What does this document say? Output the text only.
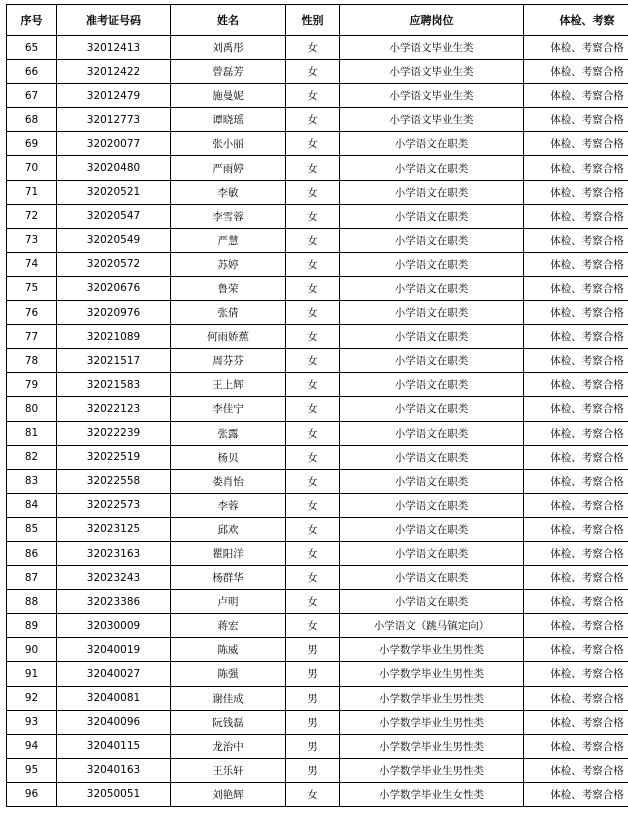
序号	准考证号码	姓名	性别	应聘岗位	体检、考察
65	32012413	刘禹彤	女	小学语文毕业生类	体检、考察合格
66	32012422	曾磊芳	女	小学语文毕业生类	体检、考察合格
67	32012479	施曼妮	女	小学语文毕业生类	体检、考察合格
68	32012773	谭晓瑶	女	小学语文毕业生类	体检、考察合格
69	32020077	张小丽	女	小学语文在职类	体检、考察合格
70	32020480	严雨婷	女	小学语文在职类	体检、考察合格
71	32020521	李敏	女	小学语文在职类	体检、考察合格
72	32020547	李雪蓉	女	小学语文在职类	体检、考察合格
73	32020549	严慧	女	小学语文在职类	体检、考察合格
74	32020572	苏婷	女	小学语文在职类	体检、考察合格
75	32020676	鲁荣	女	小学语文在职类	体检、考察合格
76	32020976	张倩	女	小学语文在职类	体检、考察合格
77	32021089	何雨娇蕉	女	小学语文在职类	体检、考察合格
78	32021517	周芬芬	女	小学语文在职类	体检、考察合格
79	32021583	王上辉	女	小学语文在职类	体检、考察合格
80	32022123	李佳宁	女	小学语文在职类	体检、考察合格
81	32022239	张露	女	小学语文在职类	体检、考察合格
82	32022519	杨贝	女	小学语文在职类	体检、考察合格
83	32022558	娄肖怡	女	小学语文在职类	体检、考察合格
84	32022573	李蓉	女	小学语文在职类	体检、考察合格
85	32023125	邱欢	女	小学语文在职类	体检、考察合格
86	32023163	瞿阳洋	女	小学语文在职类	体检、考察合格
87	32023243	杨群华	女	小学语文在职类	体检、考察合格
88	32023386	卢明	女	小学语文在职类	体检、考察合格
89	32030009	蒋宏	女	小学语文（跳马镇定向）	体检、考察合格
90	32040019	陈威	男	小学数学毕业生男性类	体检、考察合格
91	32040027	陈强	男	小学数学毕业生男性类	体检、考察合格
92	32040081	谢佳成	男	小学数学毕业生男性类	体检、考察合格
93	32040096	阮钱磊	男	小学数学毕业生男性类	体检、考察合格
94	32040115	龙治中	男	小学数学毕业生男性类	体检、考察合格
95	32040163	王乐轩	男	小学数学毕业生男性类	体检、考察合格
96	32050051	刘艳辉	女	小学数学毕业生女性类	体检、考察合格
